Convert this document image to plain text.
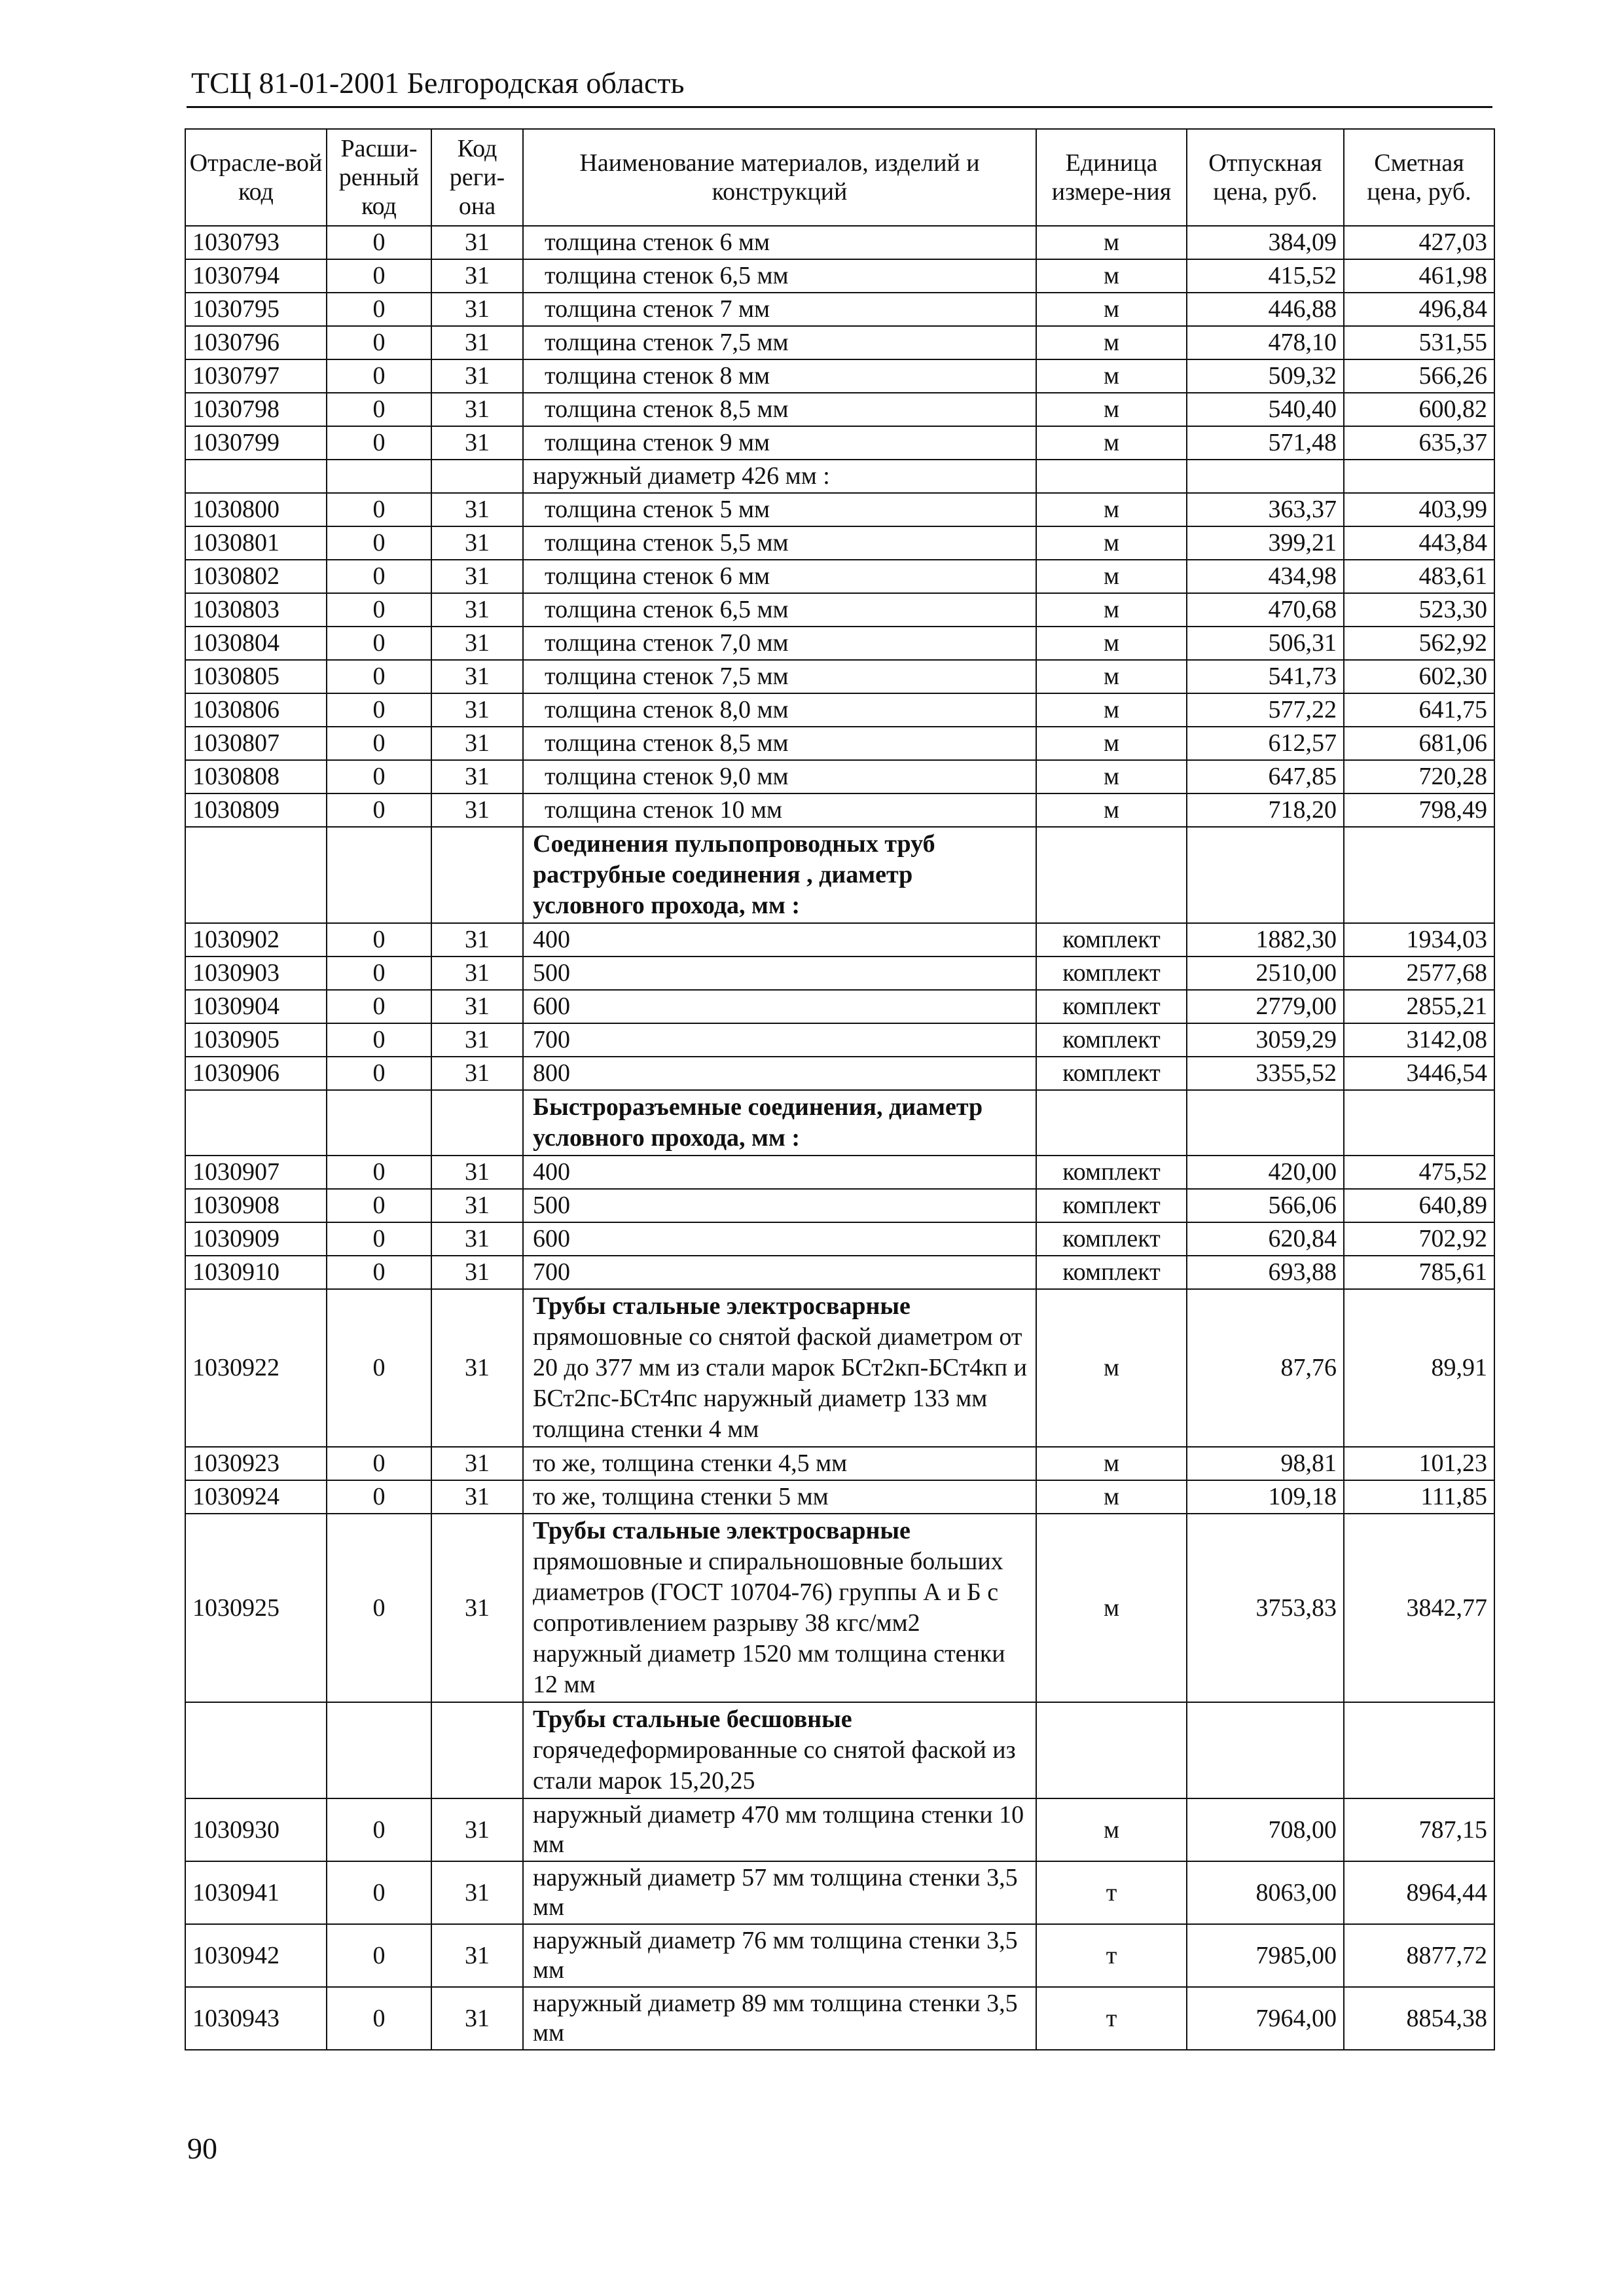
ТСЦ 81-01-2001 Белгородская область
Отрасле-вой код	Расши-ренный код	Код реги-она	Наименование материалов, изделий и конструкций	Единица измере-ния	Отпускная цена, руб.	Сметная цена, руб.
1030793	0	31	толщина стенок 6 мм	м	384,09	427,03
1030794	0	31	толщина стенок 6,5 мм	м	415,52	461,98
1030795	0	31	толщина стенок 7 мм	м	446,88	496,84
1030796	0	31	толщина стенок 7,5 мм	м	478,10	531,55
1030797	0	31	толщина стенок 8 мм	м	509,32	566,26
1030798	0	31	толщина стенок 8,5 мм	м	540,40	600,82
1030799	0	31	толщина стенок 9 мм	м	571,48	635,37
			наружный диаметр 426 мм :			
1030800	0	31	толщина стенок 5 мм	м	363,37	403,99
1030801	0	31	толщина стенок 5,5 мм	м	399,21	443,84
1030802	0	31	толщина стенок 6 мм	м	434,98	483,61
1030803	0	31	толщина стенок 6,5 мм	м	470,68	523,30
1030804	0	31	толщина стенок 7,0 мм	м	506,31	562,92
1030805	0	31	толщина стенок 7,5 мм	м	541,73	602,30
1030806	0	31	толщина стенок 8,0 мм	м	577,22	641,75
1030807	0	31	толщина стенок 8,5 мм	м	612,57	681,06
1030808	0	31	толщина стенок 9,0 мм	м	647,85	720,28
1030809	0	31	толщина стенок 10 мм	м	718,20	798,49
			Соединения пульпопроводных труб раструбные соединения , диаметр условного прохода, мм :			
1030902	0	31	400	комплект	1882,30	1934,03
1030903	0	31	500	комплект	2510,00	2577,68
1030904	0	31	600	комплект	2779,00	2855,21
1030905	0	31	700	комплект	3059,29	3142,08
1030906	0	31	800	комплект	3355,52	3446,54
			Быстроразъемные соединения, диаметр условного прохода, мм :			
1030907	0	31	400	комплект	420,00	475,52
1030908	0	31	500	комплект	566,06	640,89
1030909	0	31	600	комплект	620,84	702,92
1030910	0	31	700	комплект	693,88	785,61
1030922	0	31	Трубы стальные электросварные прямошовные со снятой фаской диаметром от 20 до 377 мм из стали марок БСт2кп-БСт4кп и БСт2пс-БСт4пс наружный диаметр 133 мм толщина стенки 4 мм	м	87,76	89,91
1030923	0	31	то же, толщина стенки 4,5 мм	м	98,81	101,23
1030924	0	31	то же, толщина стенки 5 мм	м	109,18	111,85
1030925	0	31	Трубы стальные электросварные прямошовные и спиральношовные больших диаметров (ГОСТ 10704-76) группы А и Б с сопротивлением разрыву 38 кгс/мм2 наружный диаметр 1520 мм толщина стенки 12 мм	м	3753,83	3842,77
			Трубы стальные бесшовные горячедеформированные со снятой фаской из стали марок 15,20,25			
1030930	0	31	наружный диаметр 470 мм толщина стенки 10 мм	м	708,00	787,15
1030941	0	31	наружный диаметр 57 мм толщина стенки 3,5 мм	т	8063,00	8964,44
1030942	0	31	наружный диаметр 76 мм толщина стенки 3,5 мм	т	7985,00	8877,72
1030943	0	31	наружный диаметр 89 мм толщина стенки 3,5 мм	т	7964,00	8854,38
90
